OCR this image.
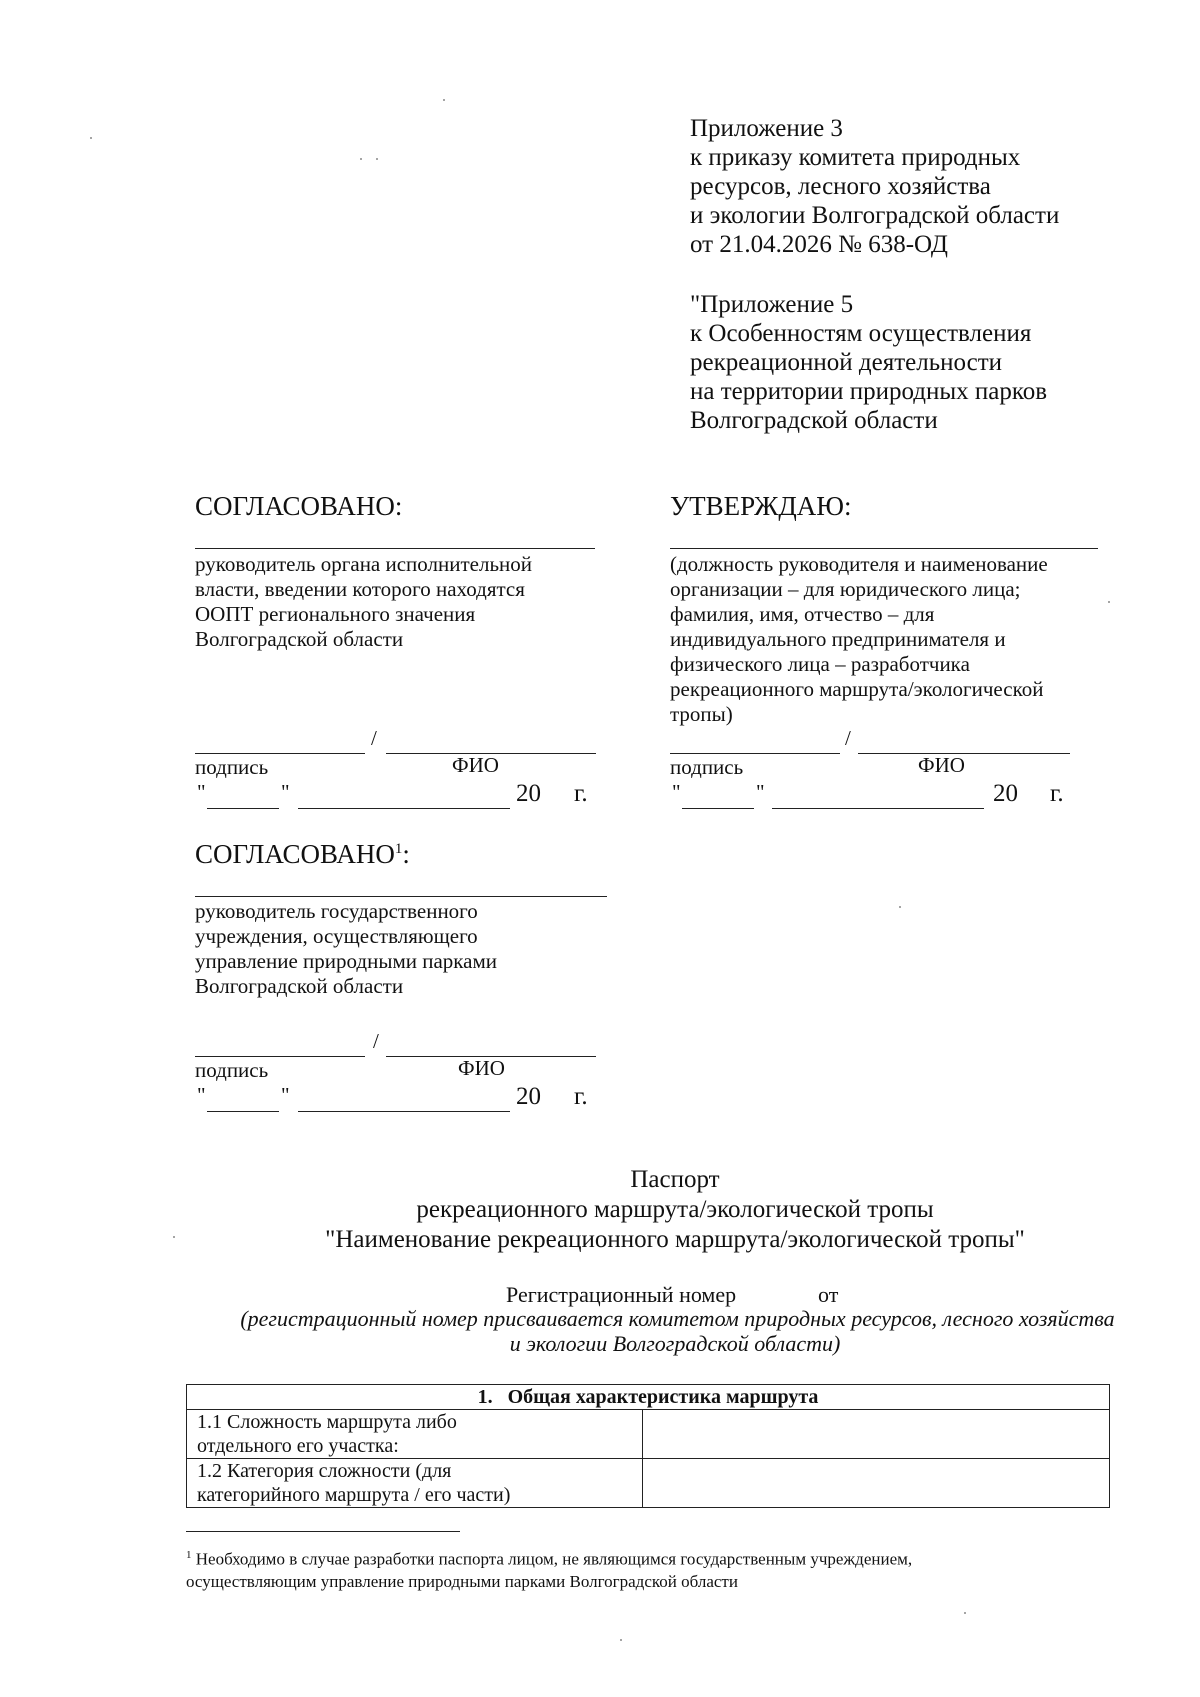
Приложение 3
к приказу комитета природных
ресурсов, лесного хозяйства
и экологии Волгоградской области
от 21.04.2026 № 638-ОД
"Приложение 5
к Особенностям осуществления
рекреационной деятельности
на территории природных парков
Волгоградской области
СОГЛАСОВАНО:
руководитель органа исполнительной
власти, введении которого находятся
ООПТ регионального значения
Волгоградской области
/
подпись	ФИО
"	"	20 г.
УТВЕРЖДАЮ:
(должность руководителя и наименование
организации – для юридического лица;
фамилия, имя, отчество – для
индивидуального предпринимателя и
физического лица – разработчика
рекреационного маршрута/экологической
тропы)
/
подпись	ФИО
"	"	20 г.
СОГЛАСОВАНО$^1$:
руководитель государственного
учреждения, осуществляющего
управление природными парками
Волгоградской области
/
подпись	ФИО
"	"	20 г.
Паспорт
рекреационного маршрута/экологической тропы
"Наименование рекреационного маршрута/экологической тропы"
Регистрационный номер	от
(регистрационный номер присваивается комитетом природных ресурсов, лесного хозяйства
и экологии Волгоградской области)
1. Общая характеристика маршрута	

1.1 Сложность маршрута либо
отдельного его участка:	

1.2 Категория сложности (для
категорийного маршрута / его части)	

$^1$ Необходимо в случае разработки паспорта лицом, не являющимся государственным учреждением,
осуществляющим управление природными парками Волгоградской области
